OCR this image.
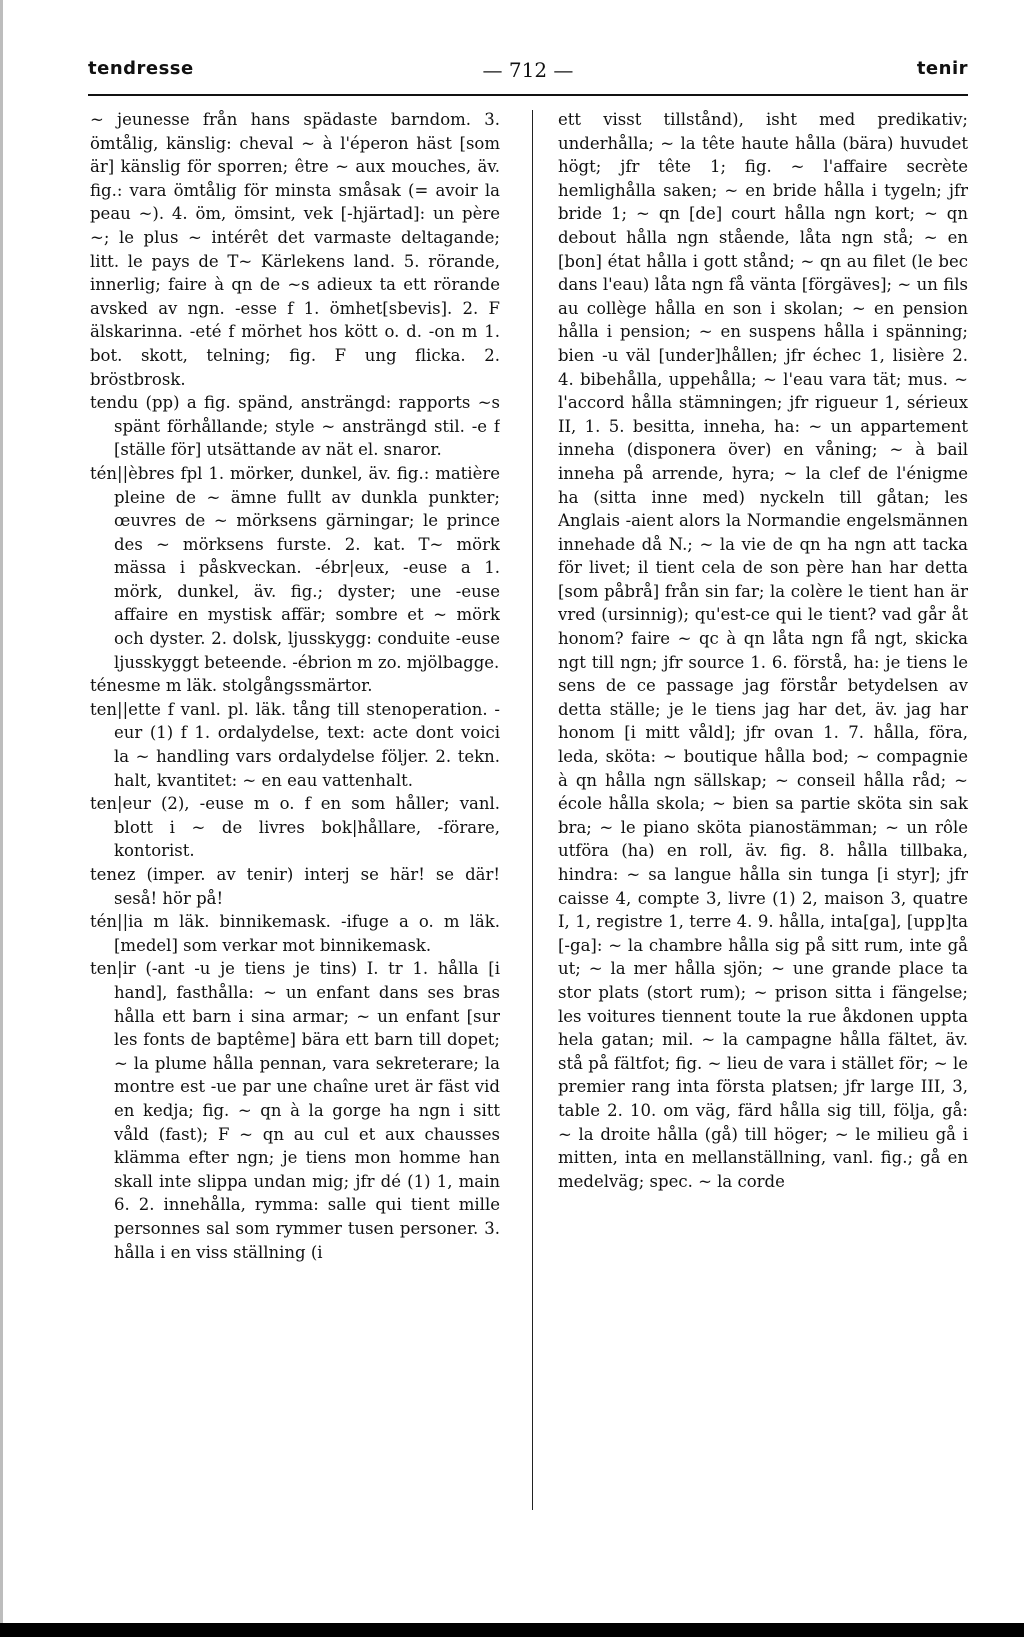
tendresse	— 712 —	tenir

~ jeunesse från hans spädaste barndom. 3. ömtålig, känslig: cheval ~ à l'éperon häst [som är] känslig för sporren; être ~ aux mouches, äv. fig.: vara ömtålig för minsta småsak (= avoir la peau ~). 4. öm, ömsint, vek [-hjärtad]: un père ~; le plus ~ intérêt det varmaste deltagande; litt. le pays de T~ Kärlekens land. 5. rörande, innerlig; faire à qn de ~s adieux ta ett rörande avsked av ngn. -esse f 1. ömhet[sbevis]. 2. F älskarinna. -eté f mörhet hos kött o. d. -on m 1. bot. skott, telning; fig. F ung flicka. 2. bröstbrosk.

tendu (pp) a fig. spänd, ansträngd: rapports ~s spänt förhållande; style ~ ansträngd stil. -e f [ställe för] utsättande av nät el. snaror.

tén||èbres fpl 1. mörker, dunkel, äv. fig.: matière pleine de ~ ämne fullt av dunkla punkter; œuvres de ~ mörksens gärningar; le prince des ~ mörksens furste. 2. kat. T~ mörk mässa i påskveckan. -ébr|eux, -euse a 1. mörk, dunkel, äv. fig.; dyster; une -euse affaire en mystisk affär; sombre et ~ mörk och dyster. 2. dolsk, ljusskygg: conduite -euse ljusskyggt beteende. -ébrion m zo. mjölbagge.

ténesme m läk. stolgångssmärtor.

ten||ette f vanl. pl. läk. tång till stenoperation. -eur (1) f 1. ordalydelse, text: acte dont voici la ~ handling vars ordalydelse följer. 2. tekn. halt, kvantitet: ~ en eau vattenhalt.

ten|eur (2), -euse m o. f en som håller; vanl. blott i ~ de livres bok|hållare, -förare, kontorist.

tenez (imper. av tenir) interj se här! se där! seså! hör på!

tén||ia m läk. binnikemask. -ifuge a o. m läk. [medel] som verkar mot binnikemask.

ten|ir (-ant -u je tiens je tins) I. tr 1. hålla [i hand], fasthålla: ~ un enfant dans ses bras hålla ett barn i sina armar; ~ un enfant [sur les fonts de baptême] bära ett barn till dopet; ~ la plume hålla pennan, vara sekreterare; la montre est -ue par une chaîne uret är fäst vid en kedja; fig. ~ qn à la gorge ha ngn i sitt våld (fast); F ~ qn au cul et aux chausses klämma efter ngn; je tiens mon homme han skall inte slippa undan mig; jfr dé (1) 1, main 6. 2. innehålla, rymma: salle qui tient mille personnes sal som rymmer tusen personer. 3. hålla i en viss ställning (i

ett visst tillstånd), isht med predikativ; underhålla; ~ la tête haute hålla (bära) huvudet högt; jfr tête 1; fig. ~ l'affaire secrète hemlighålla saken; ~ en bride hålla i tygeln; jfr bride 1; ~ qn [de] court hålla ngn kort; ~ qn debout hålla ngn stående, låta ngn stå; ~ en [bon] état hålla i gott stånd; ~ qn au filet (le bec dans l'eau) låta ngn få vänta [förgäves]; ~ un fils au collège hålla en son i skolan; ~ en pension hålla i pension; ~ en suspens hålla i spänning; bien -u väl [under]hållen; jfr échec 1, lisière 2. 4. bibehålla, uppehålla; ~ l'eau vara tät; mus. ~ l'accord hålla stämningen; jfr rigueur 1, sérieux II, 1. 5. besitta, inneha, ha: ~ un appartement inneha (disponera över) en våning; ~ à bail inneha på arrende, hyra; ~ la clef de l'énigme ha (sitta inne med) nyckeln till gåtan; les Anglais -aient alors la Normandie engelsmännen innehade då N.; ~ la vie de qn ha ngn att tacka för livet; il tient cela de son père han har detta [som påbrå] från sin far; la colère le tient han är vred (ursinnig); qu'est-ce qui le tient? vad går åt honom? faire ~ qc à qn låta ngn få ngt, skicka ngt till ngn; jfr source 1. 6. förstå, ha: je tiens le sens de ce passage jag förstår betydelsen av detta ställe; je le tiens jag har det, äv. jag har honom [i mitt våld]; jfr ovan 1. 7. hålla, föra, leda, sköta: ~ boutique hålla bod; ~ compagnie à qn hålla ngn sällskap; ~ conseil hålla råd; ~ école hålla skola; ~ bien sa partie sköta sin sak bra; ~ le piano sköta pianostämman; ~ un rôle utföra (ha) en roll, äv. fig. 8. hålla tillbaka, hindra: ~ sa langue hålla sin tunga [i styr]; jfr caisse 4, compte 3, livre (1) 2, maison 3, quatre I, 1, registre 1, terre 4. 9. hålla, inta[ga], [upp]ta [-ga]: ~ la chambre hålla sig på sitt rum, inte gå ut; ~ la mer hålla sjön; ~ une grande place ta stor plats (stort rum); ~ prison sitta i fängelse; les voitures tiennent toute la rue åkdonen uppta hela gatan; mil. ~ la campagne hålla fältet, äv. stå på fältfot; fig. ~ lieu de vara i stället för; ~ le premier rang inta första platsen; jfr large III, 3, table 2. 10. om väg, färd hålla sig till, följa, gå: ~ la droite hålla (gå) till höger; ~ le milieu gå i mitten, inta en mellanställning, vanl. fig.; gå en medelväg; spec. ~ la corde
